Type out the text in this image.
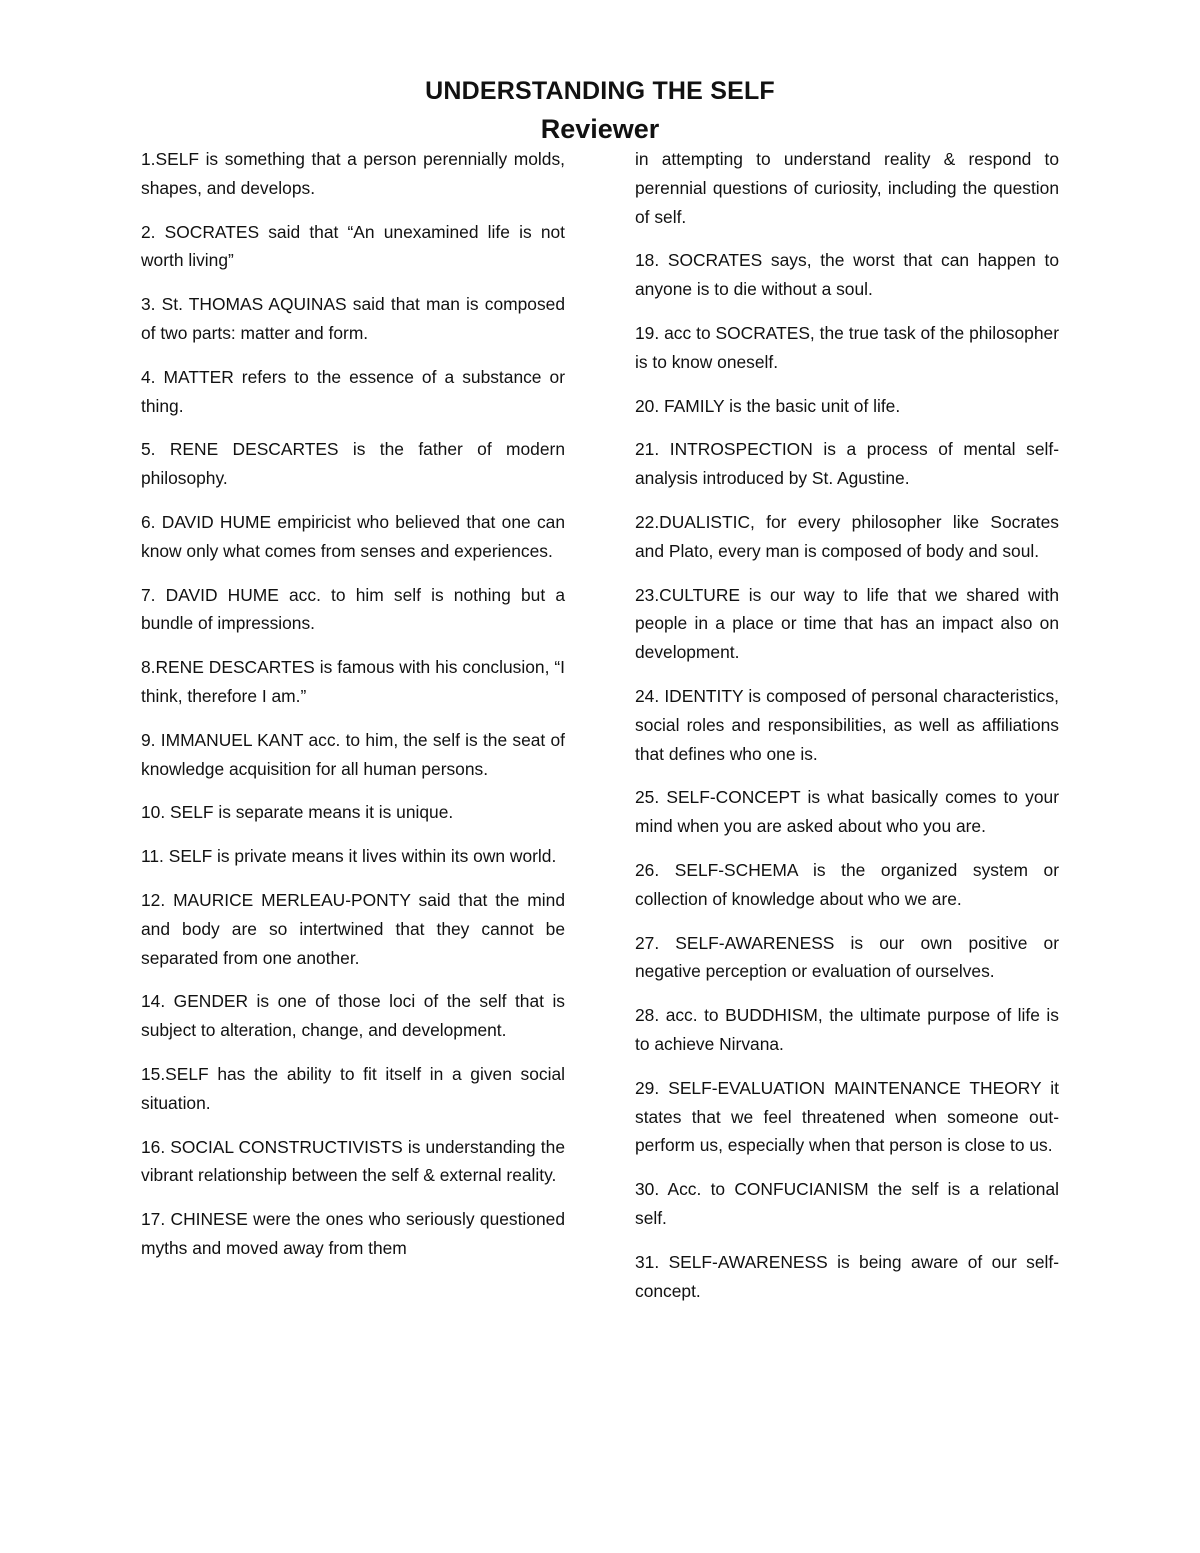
UNDERSTANDING THE SELF
Reviewer

1.SELF is something that a person perennially molds, shapes, and develops.

2. SOCRATES said that “An unexamined life is not worth living”

3. St. THOMAS AQUINAS said that man is composed of two parts: matter and form.

4. MATTER refers to the essence of a substance or thing.

5. RENE DESCARTES is the father of modern philosophy.

6. DAVID HUME empiricist who believed that one can know only what comes from senses and experiences.

7. DAVID HUME acc. to him self is nothing but a bundle of impressions.

8.RENE DESCARTES is famous with his conclusion, “I think, therefore I am.”

9. IMMANUEL KANT acc. to him, the self is the seat of knowledge acquisition for all human persons.

10. SELF is separate means it is unique.

11. SELF is private means it lives within its own world.

12. MAURICE MERLEAU-PONTY said that the mind and body are so intertwined that they cannot be separated from one another.

14. GENDER is one of those loci of the self that is subject to alteration, change, and development.

15.SELF has the ability to fit itself in a given social situation.

16. SOCIAL CONSTRUCTIVISTS is understanding the vibrant relationship between the self & external reality.

17. CHINESE were the ones who seriously questioned myths and moved away from them

in attempting to understand reality & respond to perennial questions of curiosity, including the question of self.

18. SOCRATES says, the worst that can happen to anyone is to die without a soul.

19. acc to SOCRATES, the true task of the philosopher is to know oneself.

20. FAMILY is the basic unit of life.

21. INTROSPECTION is a process of mental self-analysis introduced by St. Agustine.

22.DUALISTIC, for every philosopher like Socrates and Plato, every man is composed of body and soul.

23.CULTURE is our way to life that we shared with people in a place or time that has an impact also on development.

24. IDENTITY is composed of personal characteristics, social roles and responsibilities, as well as affiliations that defines who one is.

25. SELF-CONCEPT is what basically comes to your mind when you are asked about who you are.

26. SELF-SCHEMA is the organized system or collection of knowledge about who we are.

27. SELF-AWARENESS is our own positive or negative perception or evaluation of ourselves.

28. acc. to BUDDHISM, the ultimate purpose of life is to achieve Nirvana.

29. SELF-EVALUATION MAINTENANCE THEORY it states that we feel threatened when someone out-perform us, especially when that person is close to us.

30. Acc. to CONFUCIANISM the self is a relational self.

31. SELF-AWARENESS is being aware of our self-concept.
